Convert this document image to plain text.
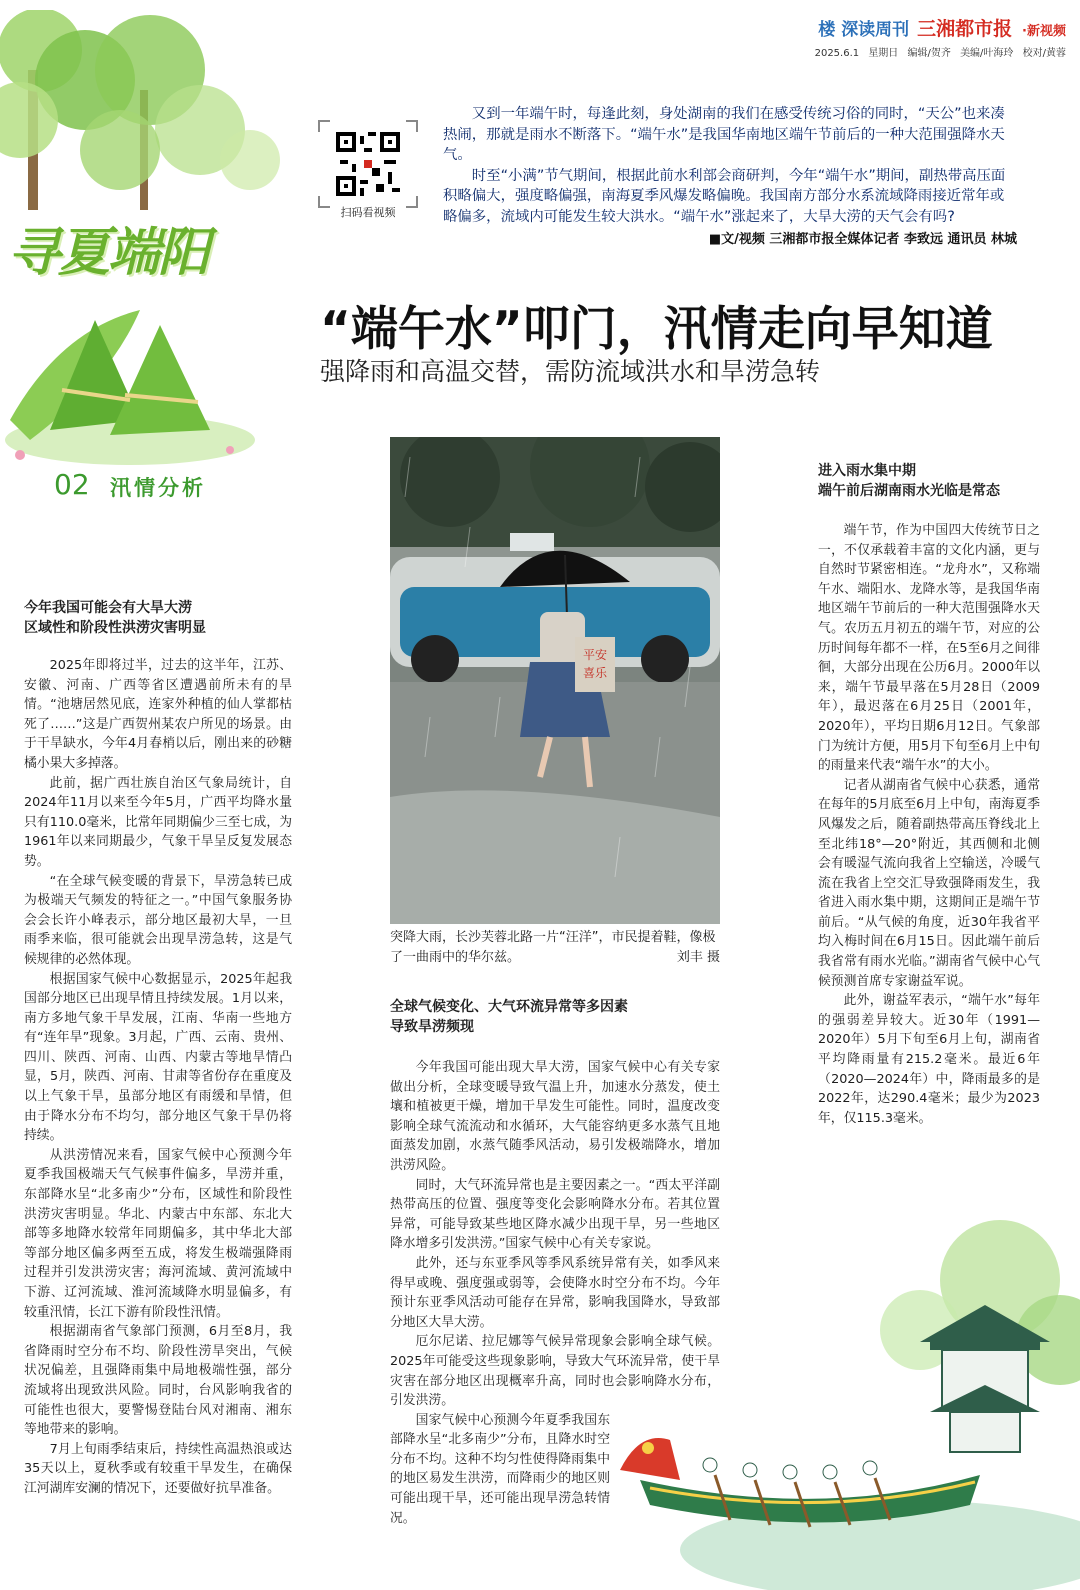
楼 深读周刊 三湘都市报 ·新视频
2025.6.1 星期日 编辑/贺齐 美编/叶海玲 校对/黄蓉
寻夏端阳
02 汛情分析
扫码看视频

又到一年端午时，每逢此刻，身处湖南的我们在感受传统习俗的同时，“天公”也来凑热闹，那就是雨水不断落下。“端午水”是我国华南地区端午节前后的一种大范围强降水天气。

时至“小满”节气期间，根据此前水利部会商研判，今年“端午水”期间，副热带高压面积略偏大，强度略偏强，南海夏季风爆发略偏晚。我国南方部分水系流域降雨接近常年或略偏多，流域内可能发生较大洪水。“端午水”涨起来了，大旱大涝的天气会有吗?

■文/视频 三湘都市报全媒体记者 李致远 通讯员 林城

“端午水”叩门，汛情走向早知道
强降雨和高温交替，需防流域洪水和旱涝急转
平安
喜乐
突降大雨，长沙芙蓉北路一片“汪洋”，市民提着鞋，像极了一曲雨中的华尔兹。	刘丰 摄
今年我国可能会有大旱大涝
区域性和阶段性洪涝灾害明显

2025年即将过半，过去的这半年，江苏、安徽、河南、广西等省区遭遇前所未有的旱情。“池塘居然见底，连家外种植的仙人掌都枯死了……”这是广西贺州某农户所见的场景。由于干旱缺水，今年4月春梢以后，刚出来的砂糖橘小果大多掉落。

此前，据广西壮族自治区气象局统计，自2024年11月以来至今年5月，广西平均降水量只有110.0毫米，比常年同期偏少三至七成，为1961年以来同期最少，气象干旱呈反复发展态势。

“在全球气候变暖的背景下，旱涝急转已成为极端天气频发的特征之一。”中国气象服务协会会长许小峰表示，部分地区最初大旱，一旦雨季来临，很可能就会出现旱涝急转，这是气候规律的必然体现。

根据国家气候中心数据显示，2025年起我国部分地区已出现旱情且持续发展。1月以来，南方多地气象干旱发展，江南、华南一些地方有“连年旱”现象。3月起，广西、云南、贵州、四川、陕西、河南、山西、内蒙古等地旱情凸显，5月，陕西、河南、甘肃等省份存在重度及以上气象干旱，虽部分地区有雨缓和旱情，但由于降水分布不均匀，部分地区气象干旱仍将持续。

从洪涝情况来看，国家气候中心预测今年夏季我国极端天气气候事件偏多，旱涝并重，东部降水呈“北多南少”分布，区域性和阶段性洪涝灾害明显。华北、内蒙古中东部、东北大部等多地降水较常年同期偏多，其中华北大部等部分地区偏多两至五成，将发生极端强降雨过程并引发洪涝灾害；海河流域、黄河流域中下游、辽河流域、淮河流域降水明显偏多，有较重汛情，长江下游有阶段性汛情。

根据湖南省气象部门预测，6月至8月，我省降雨时空分布不均、阶段性涝旱突出，气候状况偏差，且强降雨集中局地极端性强，部分流域将出现致洪风险。同时，台风影响我省的可能性也很大，要警惕登陆台风对湘南、湘东等地带来的影响。

7月上旬雨季结束后，持续性高温热浪或达35天以上，夏秋季或有较重干旱发生，在确保江河湖库安澜的情况下，还要做好抗旱准备。

全球气候变化、大气环流异常等多因素
导致旱涝频现

今年我国可能出现大旱大涝，国家气候中心有关专家做出分析，全球变暖导致气温上升，加速水分蒸发，使土壤和植被更干燥，增加干旱发生可能性。同时，温度改变影响全球气流流动和水循环，大气能容纳更多水蒸气且地面蒸发加剧，水蒸气随季风活动，易引发极端降水，增加洪涝风险。

同时，大气环流异常也是主要因素之一。“西太平洋副热带高压的位置、强度等变化会影响降水分布。若其位置异常，可能导致某些地区降水减少出现干旱，另一些地区降水增多引发洪涝。”国家气候中心有关专家说。

此外，还与东亚季风等季风系统异常有关，如季风来得早或晚、强度强或弱等，会使降水时空分布不均。今年预计东亚季风活动可能存在异常，影响我国降水，导致部分地区大旱大涝。

厄尔尼诺、拉尼娜等气候异常现象会影响全球气候。2025年可能受这些现象影响，导致大气环流异常，使干旱灾害在部分地区出现概率升高，同时也会影响降水分布，引发洪涝。

国家气候中心预测今年夏季我国东部降水呈“北多南少”分布，且降水时空分布不均。这种不均匀性使得降雨集中的地区易发生洪涝，而降雨少的地区则可能出现干旱，还可能出现旱涝急转情况。

进入雨水集中期
端午前后湖南雨水光临是常态

端午节，作为中国四大传统节日之一，不仅承载着丰富的文化内涵，更与自然时节紧密相连。“龙舟水”，又称端午水、端阳水、龙降水等，是我国华南地区端午节前后的一种大范围强降水天气。农历五月初五的端午节，对应的公历时间每年都不一样，在5至6月之间徘徊，大部分出现在公历6月。2000年以来，端午节最早落在5月28日（2009年），最迟落在6月25日（2001年，2020年），平均日期6月12日。气象部门为统计方便，用5月下旬至6月上中旬的雨量来代表“端午水”的大小。

记者从湖南省气候中心获悉，通常在每年的5月底至6月上中旬，南海夏季风爆发之后，随着副热带高压脊线北上至北纬18°—20°附近，其西侧和北侧会有暖湿气流向我省上空输送，冷暖气流在我省上空交汇导致强降雨发生，我省进入雨水集中期，这期间正是端午节前后。“从气候的角度，近30年我省平均入梅时间在6月15日。因此端午前后我省常有雨水光临。”湖南省气候中心气候预测首席专家谢益军说。

此外，谢益军表示，“端午水”每年的强弱差异较大。近30年（1991—2020年）5月下旬至6月上旬，湖南省平均降雨量有215.2毫米。最近6年（2020—2024年）中，降雨最多的是2022年，达290.4毫米；最少为2023年，仅115.3毫米。
